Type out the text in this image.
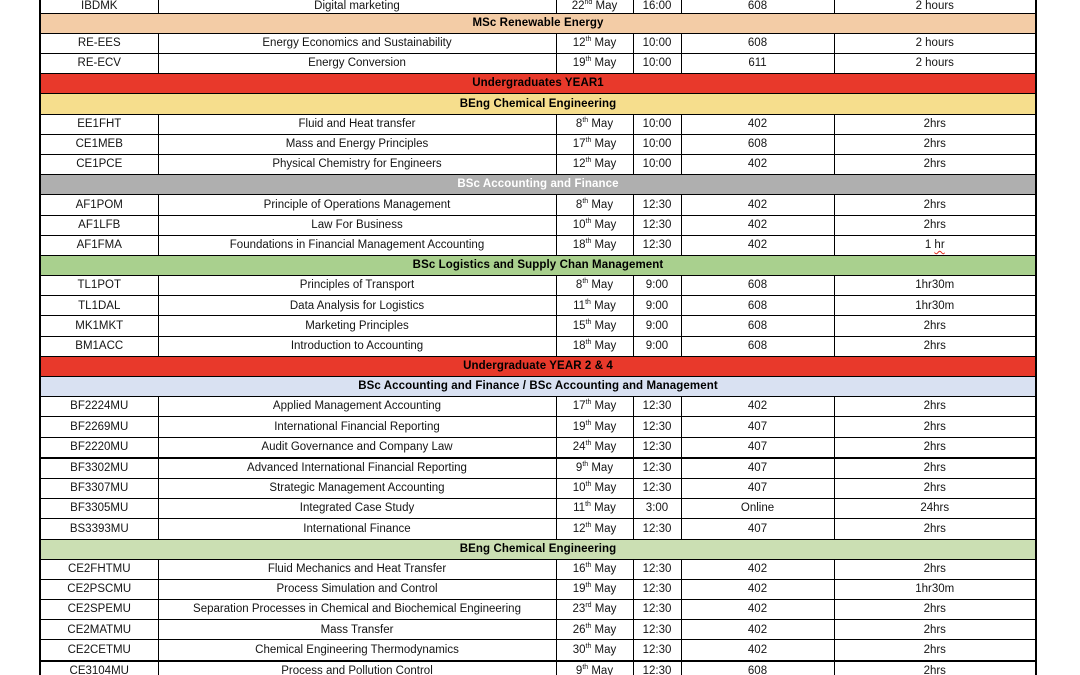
IBDMK	Digital marketing	22nd May	16:00	608	2 hours
MSc Renewable Energy					
RE-EES	Energy Economics and Sustainability	12th May	10:00	608	2 hours
RE-ECV	Energy Conversion	19th May	10:00	611	2 hours
Undergraduates YEAR1					
BEng Chemical Engineering					
EE1FHT	Fluid and Heat transfer	8th May	10:00	402	2hrs
CE1MEB	Mass and Energy Principles	17th May	10:00	608	2hrs
CE1PCE	Physical Chemistry for Engineers	12th May	10:00	402	2hrs
BSc Accounting and Finance					
AF1POM	Principle of Operations Management	8th May	12:30	402	2hrs
AF1LFB	Law For Business	10th May	12:30	402	2hrs
AF1FMA	Foundations in Financial Management Accounting	18th May	12:30	402	1 hr
BSc Logistics and Supply Chan Management					
TL1POT	Principles of Transport	8th May	9:00	608	1hr30m
TL1DAL	Data Analysis for Logistics	11th May	9:00	608	1hr30m
MK1MKT	Marketing Principles	15th May	9:00	608	2hrs
BM1ACC	Introduction to Accounting	18th May	9:00	608	2hrs
Undergraduate YEAR 2 & 4					
BSc Accounting and Finance / BSc Accounting and Management					
BF2224MU	Applied Management Accounting	17th May	12:30	402	2hrs
BF2269MU	International Financial Reporting	19th May	12:30	407	2hrs
BF2220MU	Audit Governance and Company Law	24th May	12:30	407	2hrs
BF3302MU	Advanced International Financial Reporting	9th May	12:30	407	2hrs
BF3307MU	Strategic Management Accounting	10th May	12:30	407	2hrs
BF3305MU	Integrated Case Study	11th May	3:00	Online	24hrs
BS3393MU	International Finance	12th May	12:30	407	2hrs
BEng Chemical Engineering					
CE2FHTMU	Fluid Mechanics and Heat Transfer	16th May	12:30	402	2hrs
CE2PSCMU	Process Simulation and Control	19th May	12:30	402	1hr30m
CE2SPEMU	Separation Processes in Chemical and Biochemical Engineering	23rd May	12:30	402	2hrs
CE2MATMU	Mass Transfer	26th May	12:30	402	2hrs
CE2CETMU	Chemical Engineering Thermodynamics	30th May	12:30	402	2hrs
CE3104MU	Process and Pollution Control	9th May	12:30	608	2hrs
